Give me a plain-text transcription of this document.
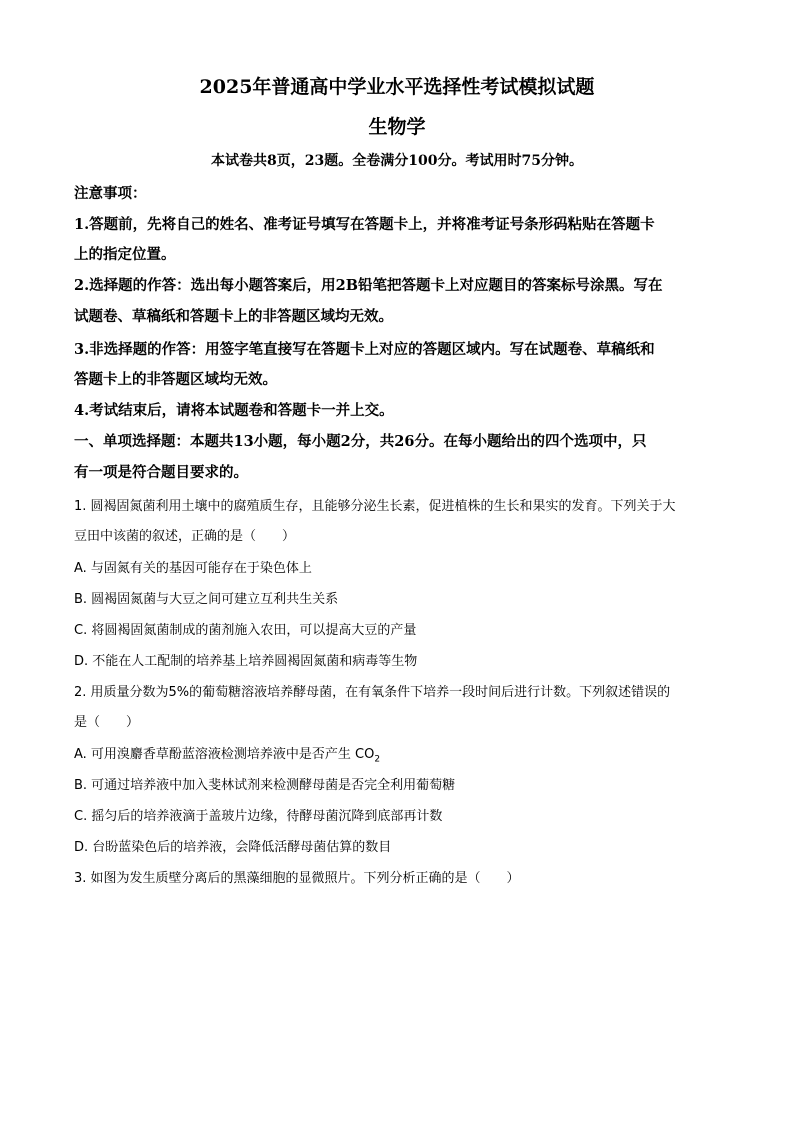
2025年普通高中学业水平选择性考试模拟试题
生物学
本试卷共8页，23题。全卷满分100分。考试用时75分钟。
注意事项：
1.答题前，先将自己的姓名、准考证号填写在答题卡上，并将准考证号条形码粘贴在答题卡
上的指定位置。
2.选择题的作答：选出每小题答案后，用2B铅笔把答题卡上对应题目的答案标号涂黑。写在
试题卷、草稿纸和答题卡上的非答题区域均无效。
3.非选择题的作答：用签字笔直接写在答题卡上对应的答题区域内。写在试题卷、草稿纸和
答题卡上的非答题区域均无效。
4.考试结束后，请将本试题卷和答题卡一并上交。
一、单项选择题：本题共13小题，每小题2分，共26分。在每小题给出的四个选项中，只
有一项是符合题目要求的。
1. 圆褐固氮菌利用土壤中的腐殖质生存，且能够分泌生长素，促进植株的生长和果实的发育。下列关于大
豆田中该菌的叙述，正确的是（　　）
A. 与固氮有关的基因可能存在于染色体上
B. 圆褐固氮菌与大豆之间可建立互利共生关系
C. 将圆褐固氮菌制成的菌剂施入农田，可以提高大豆的产量
D. 不能在人工配制的培养基上培养圆褐固氮菌和病毒等生物
2. 用质量分数为5%的葡萄糖溶液培养酵母菌，在有氧条件下培养一段时间后进行计数。下列叙述错误的
是（　　）
A. 可用溴麝香草酚蓝溶液检测培养液中是否产生 $CO_2$
B. 可通过培养液中加入斐林试剂来检测酵母菌是否完全利用葡萄糖
C. 摇匀后的培养液滴于盖玻片边缘，待酵母菌沉降到底部再计数
D. 台盼蓝染色后的培养液，会降低活酵母菌估算的数目
3. 如图为发生质壁分离后的黑藻细胞的显微照片。下列分析正确的是（　　）
